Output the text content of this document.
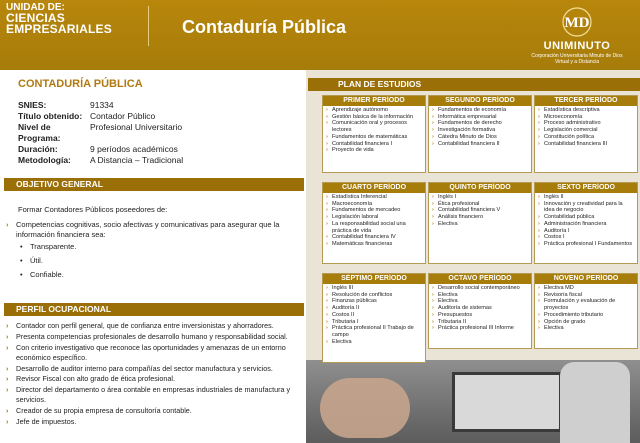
UNIDAD DE:
CIENCIAS
EMPRESARIALES	Contaduría Pública	MD
UNIMINUTO
Corporación Universitaria Minuto de Dios
Virtual y a Distancia
CONTADURÍA PÚBLICA
SNIES:	91334
Título obtenido: Contador Público
Nivel de Programa:
Profesional Universitario
Duración:	9 períodos académicos
Metodología:	A Distancia – Tradicional
OBJETIVO GENERAL
Formar Contadores Públicos poseedores de:
›	Competencias cognitivas, socio afectivas y comunicativas para asegurar que la información financiera sea:
• Transparente.
• Útil.
• Confiable.
PERFIL OCUPACIONAL
›	Contador con perfil general, que de confianza entre inversionistas y ahorradores.
›	Presenta competencias profesionales de desarrollo humano y responsabilidad social.
›	Con criterio investigativo que reconoce las oportunidades y amenazas de un entorno económico específico.
›	Desarrollo de auditor interno para compañías del sector manufactura y servicios.
›	Revisor Fiscal con alto grado de ética profesional.
›	Director del departamento o área contable en empresas industriales de manufactura y servicios.
›	Creador de su propia empresa de consultoría contable.
›	Jefe de impuestos.
PLAN DE ESTUDIOS
PRIMER PERÍODO
› Aprendizaje autónomo
› Gestión básica de la información
› Comunicación oral y procesos lectores
› Fundamentos de matemáticas
› Contabilidad financiera I
› Proyecto de vida
SEGUNDO PERÍODO
› Fundamentos de economía
› Informática empresarial
› Fundamentos de derecho
› Investigación formativa
› Cátedra Minuto de Dios
› Contabilidad financiera II
TERCER PERÍODO
› Estadística descriptiva
› Microeconomía
› Proceso administrativo
› Legislación comercial
› Constitución política
› Contabilidad financiera III
CUARTO PERÍODO
› Estadística Inferencial
› Macroeconomía
› Fundamentos de mercadeo
› Legislación laboral
› La responsabilidad social una práctica de vida
› Contabilidad financiera IV
› Matemáticas financieras
QUINTO PERÍODO
› Inglés I
› Ética profesional
› Contabilidad financiera V
› Análisis financiero
› Electiva
SEXTO PERÍODO
› Inglés II
› Innovación y creatividad para la idea de negocio
› Contabilidad pública
› Administración financiera
› Auditoría I
› Costos I
› Práctica profesional I Fundamentos
SÉPTIMO PERÍODO
› Inglés III
› Resolución de conflictos
› Finanzas públicas
› Auditoría II
› Costos II
› Tributaria I
› Práctica profesional II Trabajo de campo
› Electiva
OCTAVO PERÍODO
› Desarrollo social contemporáneo
› Electiva
› Electiva
› Auditoría de sistemas
› Presupuestos
› Tributaria II
› Práctica profesional III Informe
NOVENO PERÍODO
› Electiva MD
› Revisoría fiscal
› Formulación y evaluación de proyectos
› Procedimiento tributario
› Opción de grado
› Electiva
